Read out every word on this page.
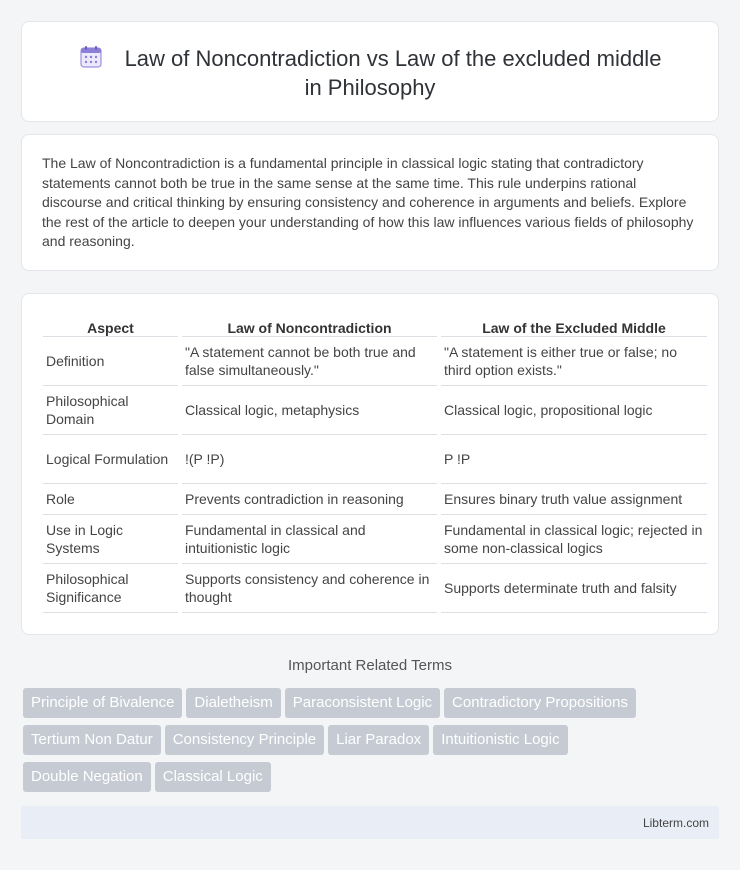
Law of Noncontradiction vs Law of the excluded middle
in Philosophy

The Law of Noncontradiction is a fundamental principle in classical logic stating that contradictory statements cannot both be true in the same sense at the same time. This rule underpins rational discourse and critical thinking by ensuring consistency and coherence in arguments and beliefs. Explore the rest of the article to deepen your understanding of how this law influences various fields of philosophy and reasoning.

Aspect	Law of Noncontradiction	Law of the Excluded Middle
Definition	"A statement cannot be both true and false simultaneously."	"A statement is either true or false; no third option exists."
Philosophical Domain	Classical logic, metaphysics	Classical logic, propositional logic
Logical Formulation	!(P !P)	P !P
Role	Prevents contradiction in reasoning	Ensures binary truth value assignment
Use in Logic Systems	Fundamental in classical and intuitionistic logic	Fundamental in classical logic; rejected in some non-classical logics
Philosophical Significance	Supports consistency and coherence in thought	Supports determinate truth and falsity
Important Related Terms
Principle of Bivalence Dialetheism Paraconsistent Logic Contradictory Propositions
Tertium Non Datur Consistency Principle Liar Paradox Intuitionistic Logic
Double Negation Classical Logic
Libterm.com
